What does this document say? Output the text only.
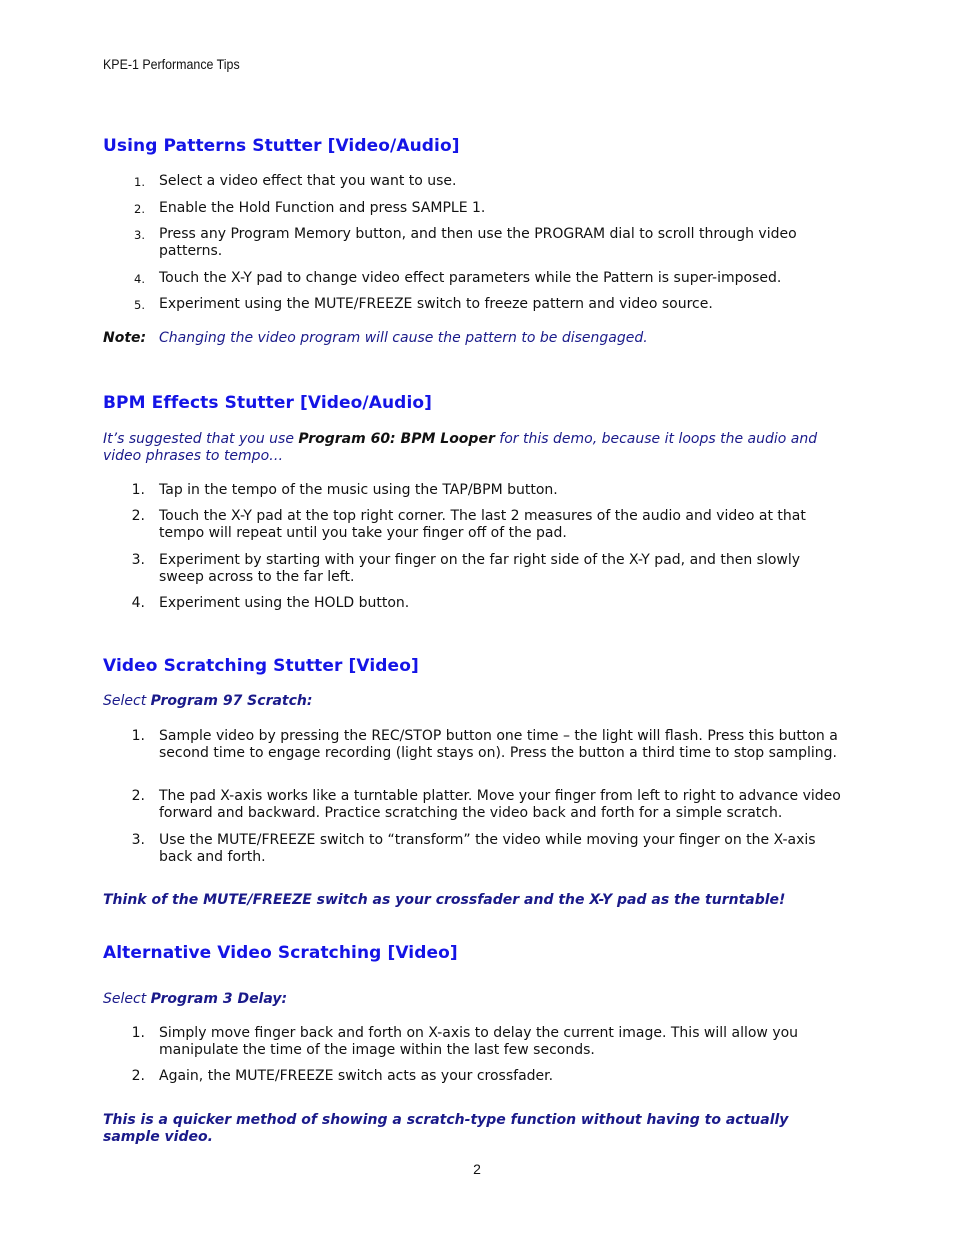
KPE-1 Performance Tips
Using Patterns Stutter [Video/Audio]
1. Select a video effect that you want to use.
2. Enable the Hold Function and press SAMPLE 1.
3. Press any Program Memory button, and then use the PROGRAM dial to scroll through video patterns.
4. Touch the X-Y pad to change video effect parameters while the Pattern is super-imposed.
5. Experiment using the MUTE/FREEZE switch to freeze pattern and video source.
Note: Changing the video program will cause the pattern to be disengaged.
BPM Effects Stutter [Video/Audio]
It’s suggested that you use Program 60: BPM Looper for this demo, because it loops the audio and video phrases to tempo…
1. Tap in the tempo of the music using the TAP/BPM button.
2. Touch the X-Y pad at the top right corner. The last 2 measures of the audio and video at that tempo will repeat until you take your finger off of the pad.
3. Experiment by starting with your finger on the far right side of the X-Y pad, and then slowly sweep across to the far left.
4. Experiment using the HOLD button.
Video Scratching Stutter [Video]
Select Program 97 Scratch:
1. Sample video by pressing the REC/STOP button one time – the light will flash. Press this button a second time to engage recording (light stays on). Press the button a third time to stop sampling.
2. The pad X-axis works like a turntable platter. Move your finger from left to right to advance video forward and backward. Practice scratching the video back and forth for a simple scratch.
3. Use the MUTE/FREEZE switch to “transform” the video while moving your finger on the X-axis back and forth.
Think of the MUTE/FREEZE switch as your crossfader and the X-Y pad as the turntable!
Alternative Video Scratching [Video]
Select Program 3 Delay:
1. Simply move finger back and forth on X-axis to delay the current image. This will allow you manipulate the time of the image within the last few seconds.
2. Again, the MUTE/FREEZE switch acts as your crossfader.
This is a quicker method of showing a scratch-type function without having to actually sample video.
2
